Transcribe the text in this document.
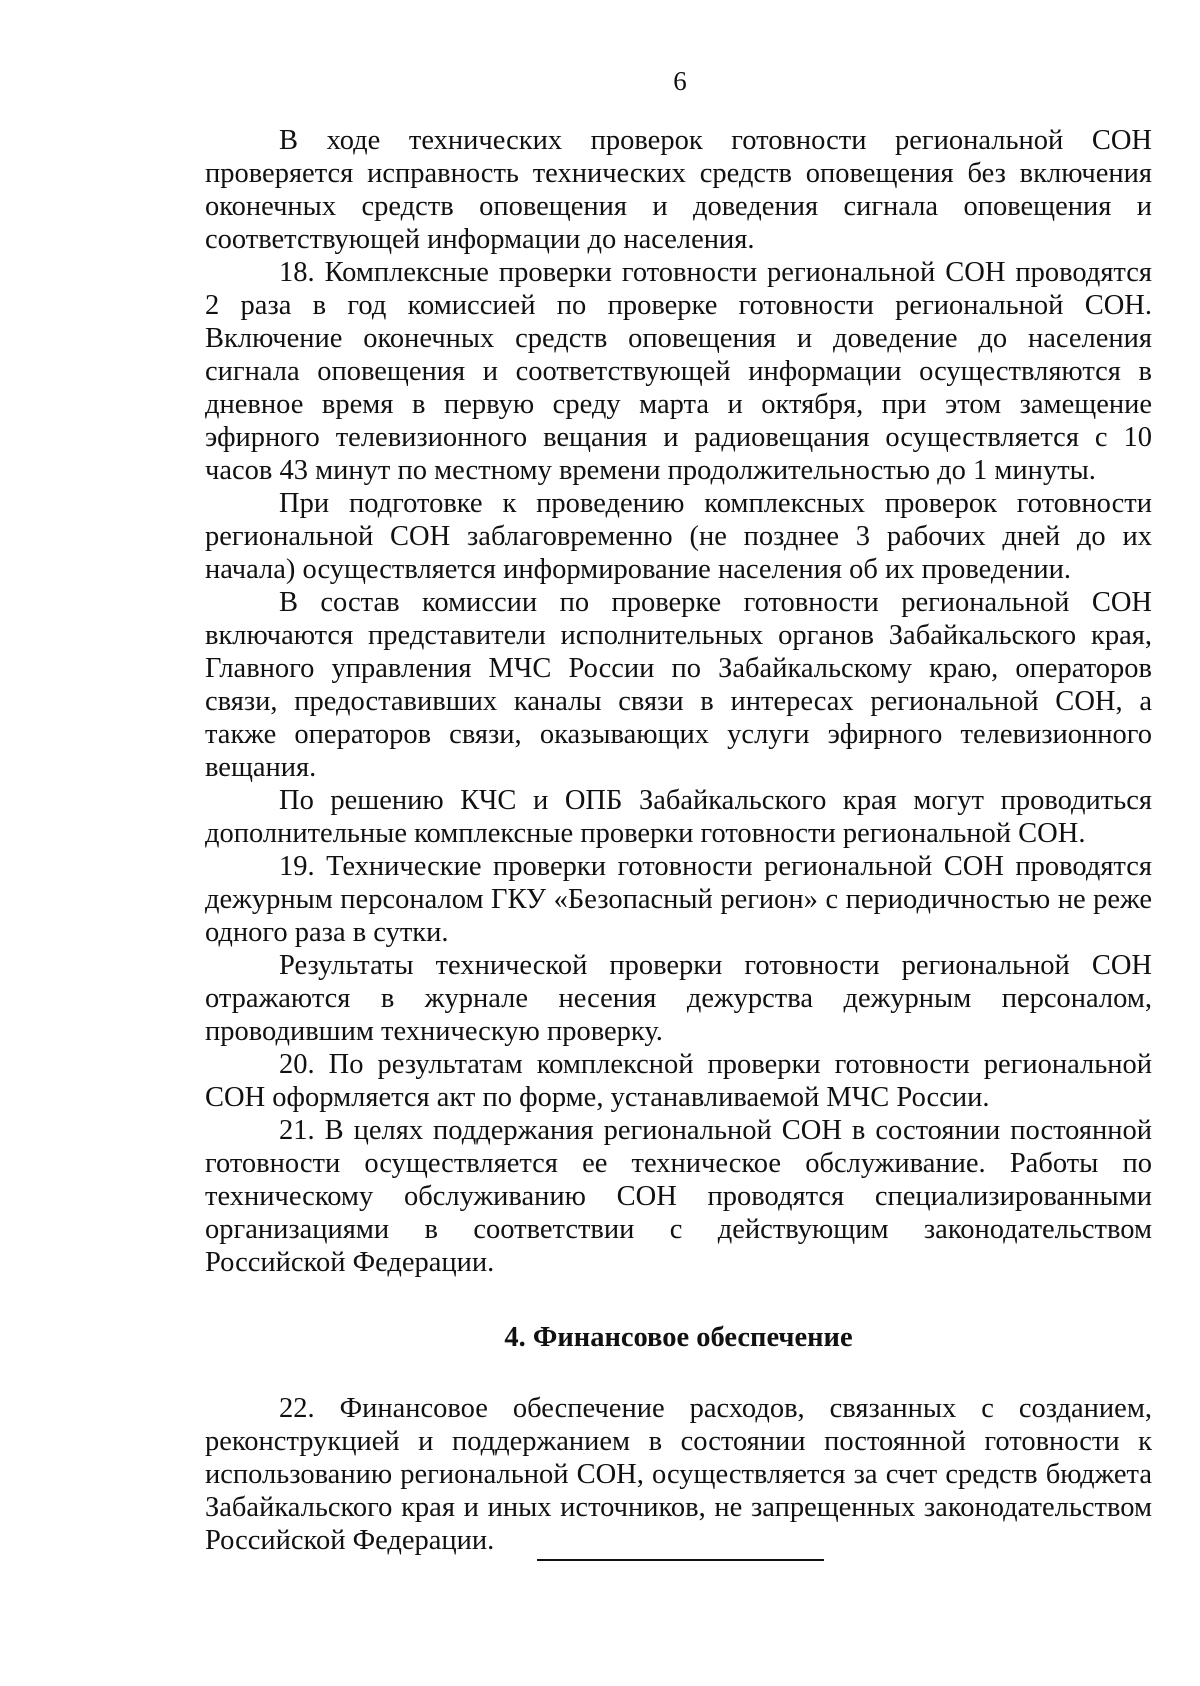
6

В ходе технических проверок готовности региональной СОН проверяется исправность технических средств оповещения без включения оконечных средств оповещения и доведения сигнала оповещения и соответствующей информации до населения.

18. Комплексные проверки готовности региональной СОН проводятся 2 раза в год комиссией по проверке готовности региональной СОН. Включение оконечных средств оповещения и доведение до населения сигнала оповещения и соответствующей информации осуществляются в дневное время в первую среду марта и октября, при этом замещение эфирного телевизионного вещания и радиовещания осуществляется с 10 часов 43 минут по местному времени продолжительностью до 1 минуты.

При подготовке к проведению комплексных проверок готовности региональной СОН заблаговременно (не позднее 3 рабочих дней до их начала) осуществляется информирование населения об их проведении.

В состав комиссии по проверке готовности региональной СОН включаются представители исполнительных органов Забайкальского края, Главного управления МЧС России по Забайкальскому краю, операторов связи, предоставивших каналы связи в интересах региональной СОН, а также операторов связи, оказывающих услуги эфирного телевизионного вещания.

По решению КЧС и ОПБ Забайкальского края могут проводиться дополнительные комплексные проверки готовности региональной СОН.

19. Технические проверки готовности региональной СОН проводятся дежурным персоналом ГКУ «Безопасный регион» с периодичностью не реже одного раза в сутки.

Результаты технической проверки готовности региональной СОН отражаются в журнале несения дежурства дежурным персоналом, проводившим техническую проверку.

20. По результатам комплексной проверки готовности региональной СОН оформляется акт по форме, устанавливаемой МЧС России.

21. В целях поддержания региональной СОН в состоянии постоянной готовности осуществляется ее техническое обслуживание. Работы по техническому обслуживанию СОН проводятся специализированными организациями в соответствии с действующим законодательством Российской Федерации.

4. Финансовое обеспечение

22. Финансовое обеспечение расходов, связанных с созданием, реконструкцией и поддержанием в состоянии постоянной готовности к использованию региональной СОН, осуществляется за счет средств бюджета Забайкальского края и иных источников, не запрещенных законодательством Российской Федерации.
